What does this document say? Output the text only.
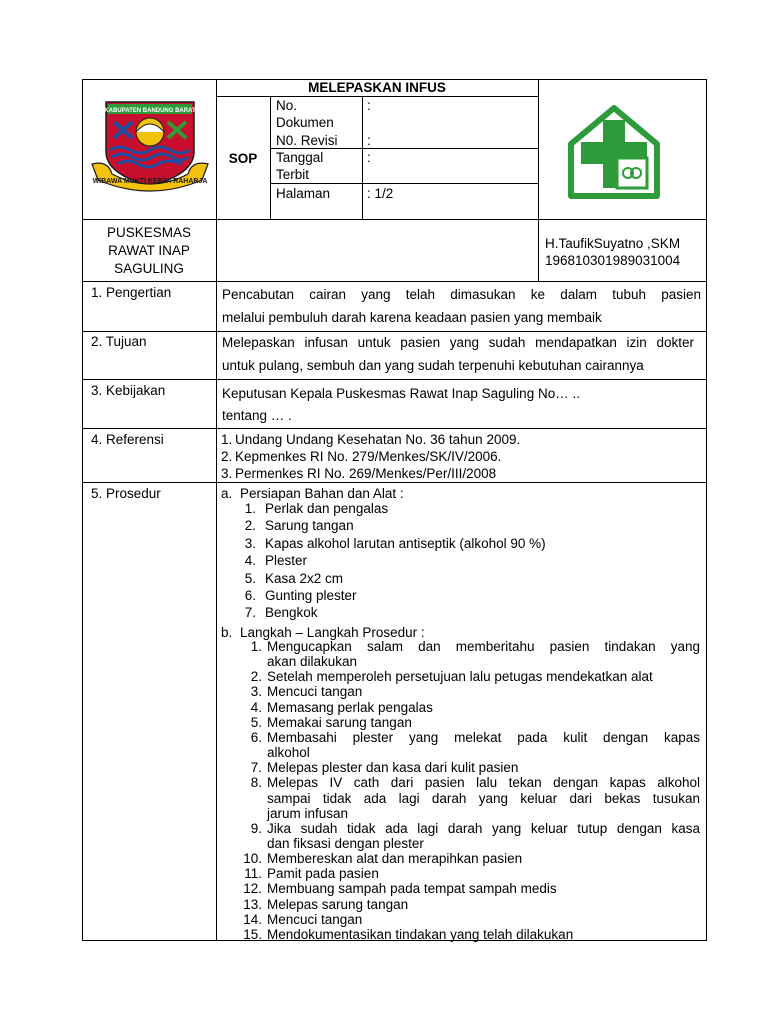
KABUPATEN BANDUNG BARAT
WIBAWA MUKTI KERTA RAHARJA
MELEPASKAN INFUS
SOP
No.
Dokumen
:
N0. Revisi :
Tanggal
Terbit
:
Halaman	: 1/2
PUSKESMAS
RAWAT INAP
SAGULING
H.TaufikSuyatno ,SKM
196810301989031004
1. Pengertian
2. Tujuan
3. Kebijakan
4. Referensi
5. Prosedur
Pencabutan cairan yang telah dimasukan ke dalam tubuh pasien
melalui pembuluh darah karena keadaan pasien yang membaik
Melepaskan infusan untuk pasien yang sudah mendapatkan izin dokter
untuk pulang, sembuh dan yang sudah terpenuhi kebutuhan cairannya
Keputusan Kepala Puskesmas Rawat Inap Saguling No… ..
tentang … .
1. Undang Undang Kesehatan No. 36 tahun 2009.
2. Kepmenkes RI No. 279/Menkes/SK/IV/2006.
3. Permenkes RI No. 269/Menkes/Per/III/2008
a. Persiapan Bahan dan Alat :
1. Perlak dan pengalas
2. Sarung tangan
3. Kapas alkohol larutan antiseptik (alkohol 90 %)
4. Plester
5. Kasa 2x2 cm
6. Gunting plester
7. Bengkok
b. Langkah – Langkah Prosedur :
1. Mengucapkan salam dan memberitahu pasien tindakan yang
akan dilakukan
2. Setelah memperoleh persetujuan lalu petugas mendekatkan alat
3. Mencuci tangan
4. Memasang perlak pengalas
5. Memakai sarung tangan
6. Membasahi plester yang melekat pada kulit dengan kapas
alkohol
7. Melepas plester dan kasa dari kulit pasien
8. Melepas IV cath dari pasien lalu tekan dengan kapas alkohol
sampai tidak ada lagi darah yang keluar dari bekas tusukan
jarum infusan
9. Jika sudah tidak ada lagi darah yang keluar tutup dengan kasa
dan fiksasi dengan plester
10. Membereskan alat dan merapihkan pasien
11. Pamit pada pasien
12. Membuang sampah pada tempat sampah medis
13. Melepas sarung tangan
14. Mencuci tangan
15. Mendokumentasikan tindakan yang telah dilakukan
